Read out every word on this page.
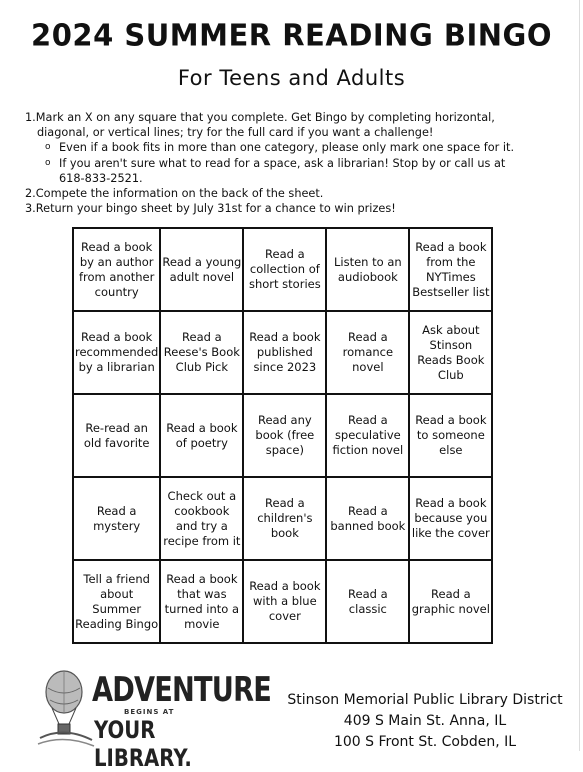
2024 SUMMER READING BINGO
For Teens and Adults
1.Mark an X on any square that you complete. Get Bingo by completing horizontal,
diagonal, or vertical lines; try for the full card if you want a challenge!
o Even if a book fits in more than one category, please only mark one space for it.
o If you aren't sure what to read for a space, ask a librarian! Stop by or call us at
618-833-2521.
2.Compete the information on the back of the sheet.
3.Return your bingo sheet by July 31st for a chance to win prizes!
Read a book by an author from another country	Read a young adult novel	Read a collection of short stories	Listen to an audiobook	Read a book from the NYTimes Bestseller list
Read a book recommended by a librarian	Read a Reese's Book Club Pick	Read a book published since 2023	Read a romance novel	Ask about Stinson Reads Book Club
Re-read an old favorite	Read a book of poetry	Read any book (free space)	Read a speculative fiction novel	Read a book to someone else
Read a mystery	Check out a cookbook and try a recipe from it	Read a children's book	Read a banned book	Read a book because you like the cover
Tell a friend about Summer Reading Bingo	Read a book that was turned into a movie	Read a book with a blue cover	Read a classic	Read a graphic novel
ADVENTURE
BEGINS AT
YOUR LIBRARY.
Stinson Memorial Public Library District
409 S Main St. Anna, IL
100 S Front St. Cobden, IL
